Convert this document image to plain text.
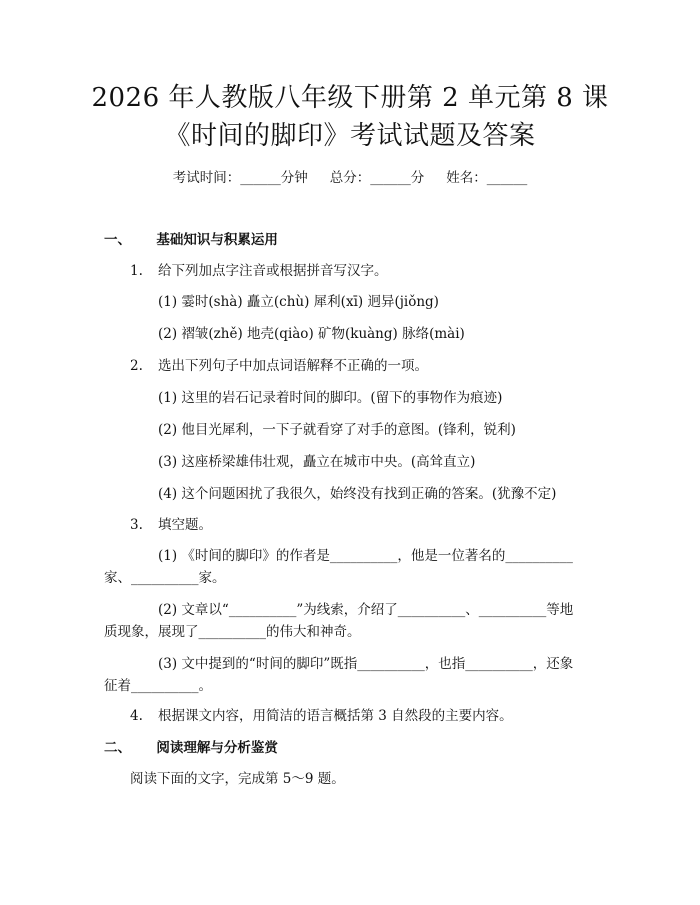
2026 年人教版八年级下册第 2 单元第 8 课
《时间的脚印》考试试题及答案
考试时间：______分钟 总分：______分 姓名：______
一、 基础知识与积累运用
1. 给下列加点字注音或根据拼音写汉字。
(1) 霎时(shà) 矗立(chù) 犀利(xī) 迥异(jiǒng)
(2) 褶皱(zhě) 地壳(qiào) 矿物(kuàng) 脉络(mài)
2. 选出下列句子中加点词语解释不正确的一项。
(1) 这里的岩石记录着时间的脚印。(留下的事物作为痕迹)
(2) 他目光犀利，一下子就看穿了对手的意图。(锋利，锐利)
(3) 这座桥梁雄伟壮观，矗立在城市中央。(高耸直立)
(4) 这个问题困扰了我很久，始终没有找到正确的答案。(犹豫不定)
3. 填空题。
(1) 《时间的脚印》的作者是__________，他是一位著名的__________
家、__________家。
(2) 文章以“__________”为线索，介绍了__________、__________等地
质现象，展现了__________的伟大和神奇。
(3) 文中提到的“时间的脚印”既指__________，也指__________，还象
征着__________。
4. 根据课文内容，用简洁的语言概括第 3 自然段的主要内容。
二、 阅读理解与分析鉴赏
阅读下面的文字，完成第 5～9 题。
